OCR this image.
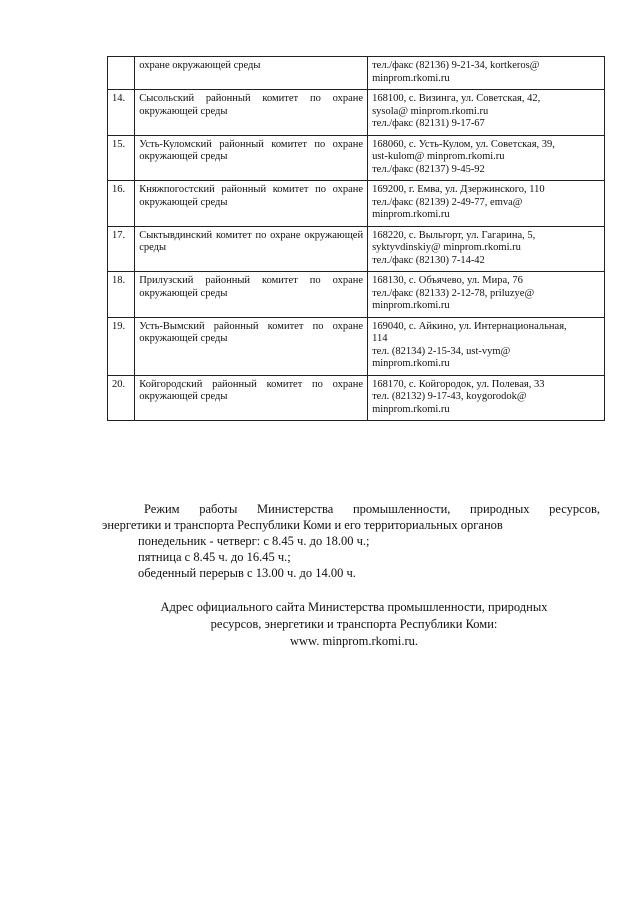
	охране окружающей среды	тел./факс (82136) 9-21-34, kortkeros@
minprom.rkomi.ru

14.	Сысольский районный комитет по охране окружающей среды	168100, с. Визинга, ул. Советская, 42,
sysola@ minprom.rkomi.ru
тел./факс (82131) 9-17-67

15.	Усть-Куломский районный комитет по охране окружающей среды	168060, с. Усть-Кулом, ул. Советская, 39,
ust-kulom@ minprom.rkomi.ru
тел./факс (82137) 9-45-92

16.	Княжпогостский районный комитет по охране окружающей среды	169200, г. Емва, ул. Дзержинского, 110
тел./факс (82139) 2-49-77, emva@
minprom.rkomi.ru

17.	Сыктывдинский комитет по охране окружающей среды	168220, с. Выльгорт, ул. Гагарина, 5,
syktyvdinskiy@ minprom.rkomi.ru
тел./факс (82130) 7-14-42

18.	Прилузский районный комитет по охране окружающей среды	168130, с. Объячево, ул. Мира, 76
тел./факс (82133) 2-12-78, priluzye@
minprom.rkomi.ru

19.	Усть-Вымский районный комитет по охране окружающей среды	169040, с. Айкино, ул. Интернациональная,
114
тел. (82134) 2-15-34, ust-vym@
minprom.rkomi.ru

20.	Койгородский районный комитет по охране окружающей среды	168170, с. Койгородок, ул. Полевая, 33
тел. (82132) 9-17-43, koygorodok@
minprom.rkomi.ru

Режим работы Министерства промышленности, природных ресурсов,

энергетики и транспорта Республики Коми и его территориальных органов

понедельник - четверг: с 8.45 ч. до 18.00 ч.;

пятница с 8.45 ч. до 16.45 ч.;

обеденный перерыв с 13.00 ч. до 14.00 ч.

Адрес официального сайта Министерства промышленности, природных
ресурсов, энергетики и транспорта Республики Коми:
www. minprom.rkomi.ru.
